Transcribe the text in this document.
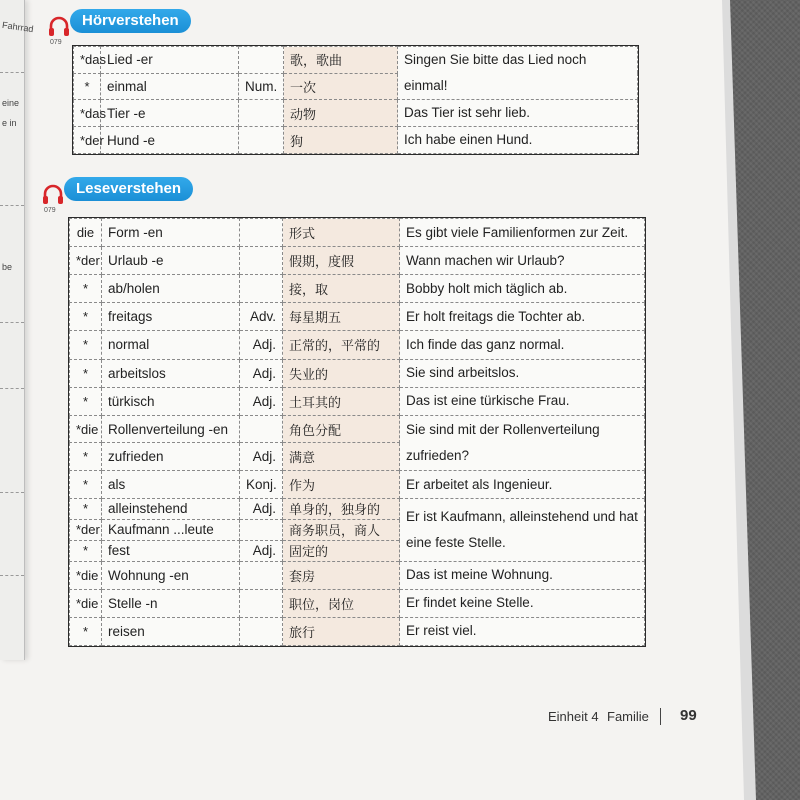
Fahrrad
eine
e in
be
079
Hörverstehen
*das	Lied -er		歌，歌曲	Singen Sie bitte das Lied noch einmal!
*	einmal	Num.	一次	
*das	Tier -e		动物	Das Tier ist sehr lieb.
*der	Hund -e		狗	Ich habe einen Hund.
079
Leseverstehen
die	Form -en		形式	Es gibt viele Familienformen zur Zeit.
*der	Urlaub -e		假期，度假	Wann machen wir Urlaub?
*	ab/holen		接，取	Bobby holt mich täglich ab.
*	freitags	Adv.	每星期五	Er holt freitags die Tochter ab.
*	normal	Adj.	正常的，平常的	Ich finde das ganz normal.
*	arbeitslos	Adj.	失业的	Sie sind arbeitslos.
*	türkisch	Adj.	土耳其的	Das ist eine türkische Frau.
*die	Rollenverteilung -en		角色分配	Sie sind mit der Rollenverteilung zufrieden?
*	zufrieden	Adj.	满意	
*	als	Konj.	作为	Er arbeitet als Ingenieur.
*	alleinstehend	Adj.	单身的，独身的	Er ist Kaufmann, alleinstehend und hat eine feste Stelle.
*der	Kaufmann ...leute		商务职员，商人	
*	fest	Adj.	固定的	
*die	Wohnung -en		套房	Das ist meine Wohnung.
*die	Stelle -n		职位，岗位	Er findet keine Stelle.
*	reisen		旅行	Er reist viel.
Einheit 4 Familie 99
